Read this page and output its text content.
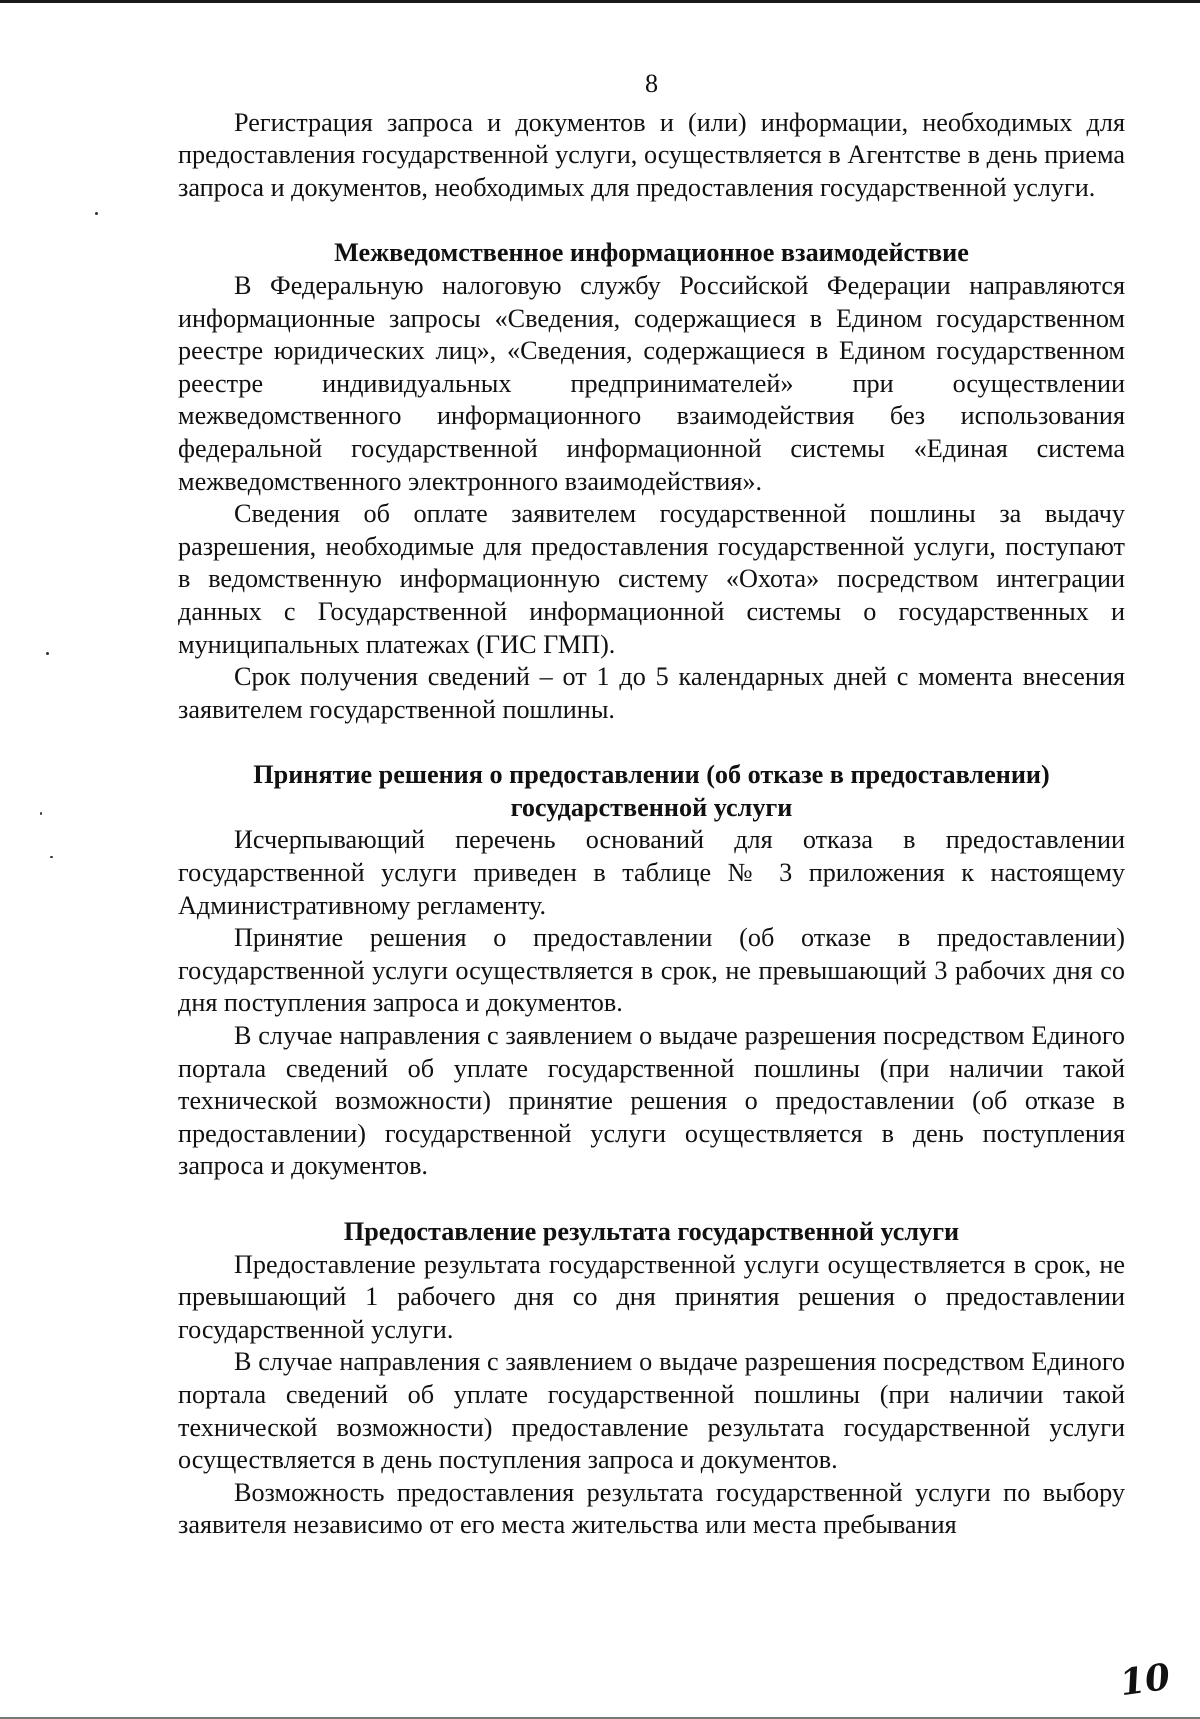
8

Регистрация запроса и документов и (или) информации, необходимых для предоставления государственной услуги, осуществляется в Агентстве в день приема запроса и документов, необходимых для предоставления государственной услуги.

Межведомственное информационное взаимодействие

В Федеральную налоговую службу Российской Федерации направляются информационные запросы «Сведения, содержащиеся в Едином государственном реестре юридических лиц», «Сведения, содержащиеся в Едином государственном реестре индивидуальных предпринимателей» при осуществлении межведомственного информационного взаимодействия без использования федеральной государственной информационной системы «Единая система межведомственного электронного взаимодействия».

Сведения об оплате заявителем государственной пошлины за выдачу разрешения, необходимые для предоставления государственной услуги, поступают в ведомственную информационную систему «Охота» посредством интеграции данных с Государственной информационной системы о государственных и муниципальных платежах (ГИС ГМП).

Срок получения сведений – от 1 до 5 календарных дней с момента внесения заявителем государственной пошлины.

Принятие решения о предоставлении (об отказе в предоставлении) государственной услуги

Исчерпывающий перечень оснований для отказа в предоставлении государственной услуги приведен в таблице № 3 приложения к настоящему Административному регламенту.

Принятие решения о предоставлении (об отказе в предоставлении) государственной услуги осуществляется в срок, не превышающий 3 рабочих дня со дня поступления запроса и документов.

В случае направления с заявлением о выдаче разрешения посредством Единого портала сведений об уплате государственной пошлины (при наличии такой технической возможности) принятие решения о предоставлении (об отказе в предоставлении) государственной услуги осуществляется в день поступления запроса и документов.

Предоставление результата государственной услуги

Предоставление результата государственной услуги осуществляется в срок, не превышающий 1 рабочего дня со дня принятия решения о предоставлении государственной услуги.

В случае направления с заявлением о выдаче разрешения посредством Единого портала сведений об уплате государственной пошлины (при наличии такой технической возможности) предоставление результата государственной услуги осуществляется в день поступления запроса и документов.

Возможность предоставления результата государственной услуги по выбору заявителя независимо от его места жительства или места пребывания

10
